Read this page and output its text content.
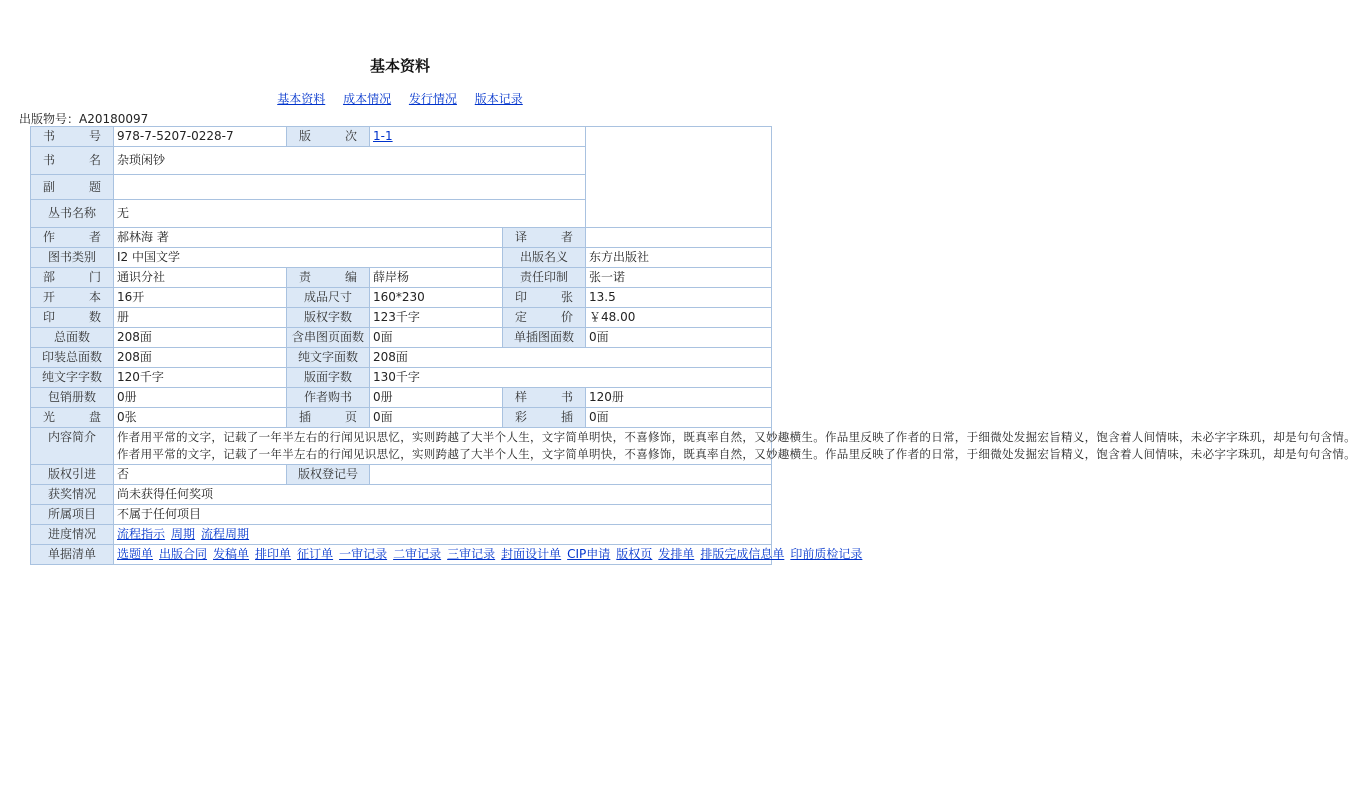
基本资料
基本资料 成本情况 发行情况 版本记录
出版物号：A20180097
书号	978-7-5207-0228-7	版次	1-1		
书名	杂琐闲钞				
副题					
丛书名称	无				
作者	郝林海 著			译者	
图书类别	I2 中国文学			出版名义	东方出版社
部门	通识分社	责编	薛岸杨	责任印制	张一诺
开本	16开	成品尺寸	160*230	印张	13.5
印数	册	版权字数	123千字	定价	￥48.00
总面数	208面	含串图页面数	0面	单插图面数	0面
印装总面数	208面	纯文字面数	208面		
纯文字字数	120千字	版面字数	130千字		
包销册数	0册	作者购书	0册	样书	120册
光盘	0张	插页	0面	彩插	0面
内容简介	作者用平常的文字，记载了一年半左右的行闻见识思忆，实则跨越了大半个人生，文字简单明快，不喜修饰，既真率自然，又妙趣横生。作品里反映了作者的日常，于细微处发掘宏旨精义，饱含着人间情味，未必字字珠玑，却是句句含情。
作者用平常的文字，记载了一年半左右的行闻见识思忆，实则跨越了大半个人生，文字简单明快，不喜修饰，既真率自然，又妙趣横生。作品里反映了作者的日常，于细微处发掘宏旨精义，饱含着人间情味，未必字字珠玑，却是句句含情。				

版权引进	否	版权登记号			
获奖情况	尚未获得任何奖项				
所属项目	不属于任何项目				
进度情况	流程指示 周期 流程周期				
单据清单	选题单 出版合同 发稿单 排印单 征订单 一审记录 二审记录 三审记录 封面设计单 CIP申请 版权页 发排单 排版完成信息单 印前质检记录				
